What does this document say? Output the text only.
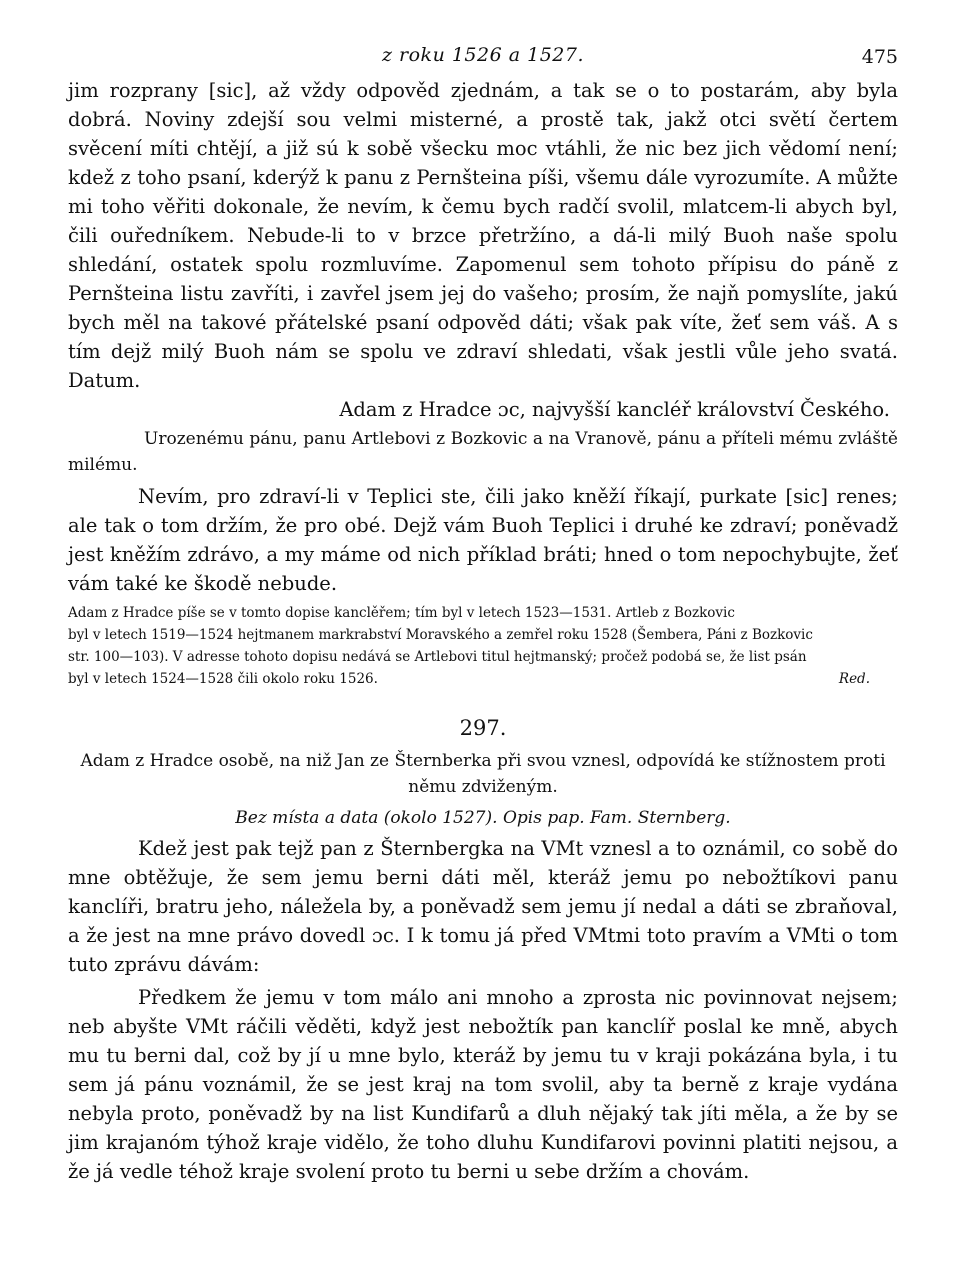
z roku 1526 a 1527.	475

jim rozprany [sic], až vždy odpověd zjednám, a tak se o to postarám, aby byla dobrá. Noviny zdejší sou velmi misterné, a prostě tak, jakž otci světí čertem svěcení míti chtějí, a již sú k sobě všecku moc vtáhli, že nic bez jich vědomí není; kdež z toho psaní, kderýž k panu z Pernšteina píši, všemu dále vyrozumíte. A můžte mi toho věřiti dokonale, že nevím, k čemu bych radčí svolil, mlatcem-li abych byl, čili ouředníkem. Nebude-li to v brzce přetržíno, a dá-li milý Buoh naše spolu shledání, ostatek spolu rozmluvíme. Zapomenul sem tohoto přípisu do páně z Pernšteina listu zavříti, i zavřel jsem jej do vašeho; prosím, že najň pomyslíte, jakú bych měl na takové přátelské psaní odpověd dáti; však pak víte, žeť sem váš. A s tím dejž milý Buoh nám se spolu ve zdraví shledati, však jestli vůle jeho svatá. Datum.

Adam z Hradce ɔc, najvyšší kancléř království Českého.

Urozenému pánu, panu Artlebovi z Bozkovic a na Vranově, pánu a příteli mému zvláště milému.

Nevím, pro zdraví-li v Teplici ste, čili jako kněží říkají, purkate [sic] renes; ale tak o tom držím, že pro obé. Dejž vám Buoh Teplici i druhé ke zdraví; poněvadž jest kněžím zdrávo, a my máme od nich příklad bráti; hned o tom nepochybujte, žeť vám také ke škodě nebude.

Adam z Hradce píše se v tomto dopise kanclěřem; tím byl v letech 1523—1531. Artleb z Bozkovic
byl v letech 1519—1524 hejtmanem markrabství Moravského a zemřel roku 1528 (Šembera, Páni z Bozkovic
str. 100—103). V adresse tohoto dopisu nedává se Artlebovi titul hejtmanský; pročež podobá se, že list psán
byl v letech 1524—1528 čili okolo roku 1526.	Red.
297.
Adam z Hradce osobě, na niž Jan ze Šternberka při svou vznesl, odpovídá ke stížnostem proti němu zdviženým.
Bez místa a data (okolo 1527). Opis pap. Fam. Sternberg.

Kdež jest pak tejž pan z Šternbergka na VMt vznesl a to oznámil, co sobě do mne obtěžuje, že sem jemu berni dáti měl, kteráž jemu po nebožtíkovi panu kanclíři, bratru jeho, náležela by, a poněvadž sem jemu jí nedal a dáti se zbraňoval, a že jest na mne právo dovedl ɔc. I k tomu já před VMtmi toto pravím a VMti o tom tuto zprávu dávám:

Předkem že jemu v tom málo ani mnoho a zprosta nic povinnovat nejsem; neb abyšte VMt ráčili věděti, když jest nebožtík pan kanclíř poslal ke mně, abych mu tu berni dal, což by jí u mne bylo, kteráž by jemu tu v kraji pokázána byla, i tu sem já pánu voznámil, že se jest kraj na tom svolil, aby ta berně z kraje vydána nebyla proto, poněvadž by na list Kundifarů a dluh nějaký tak jíti měla, a že by se jim krajanóm týhož kraje vidělo, že toho dluhu Kundifarovi povinni platiti nejsou, a že já vedle téhož kraje svolení proto tu berni u sebe držím a chovám.
